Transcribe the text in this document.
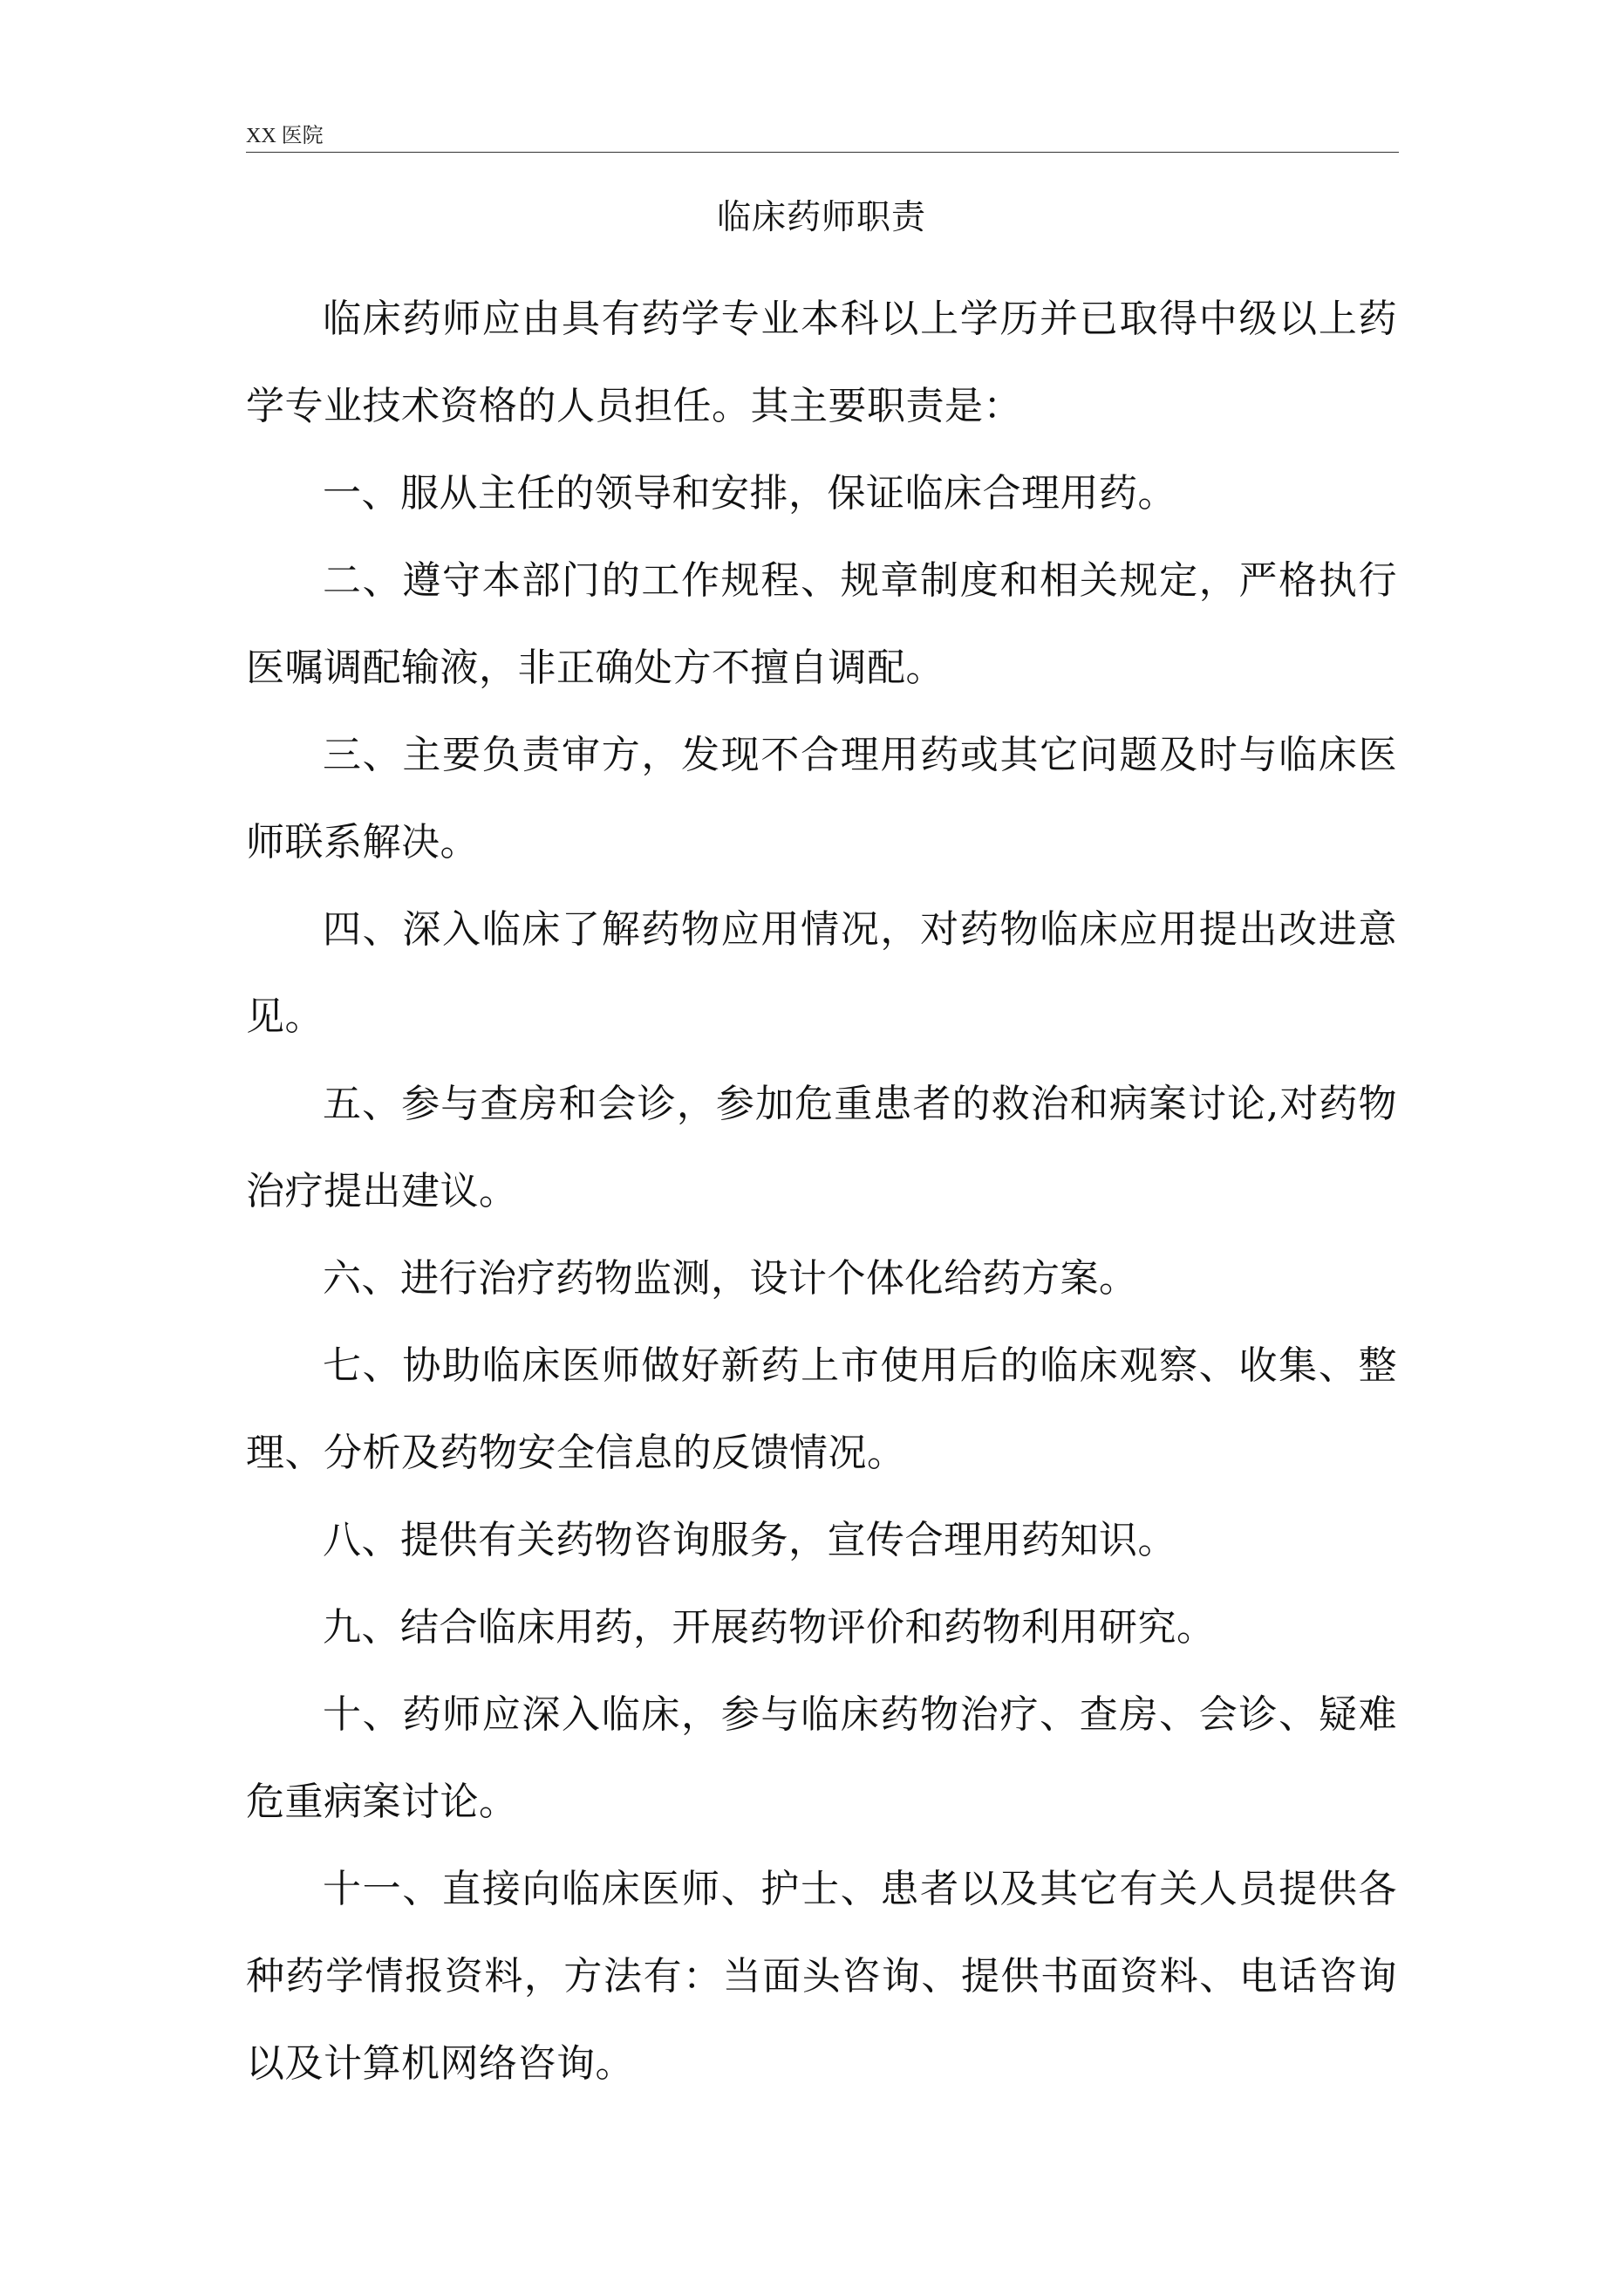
XX 医院
临床药师职责

临床药师应由具有药学专业本科以上学历并已取得中级以上药学专业技术资格的人员担任。其主要职责是：

一、服从主任的领导和安排，保证临床合理用药。

二、遵守本部门的工作规程、规章制度和相关规定，严格执行医嘱调配输液，非正确处方不擅自调配。

三、主要负责审方，发现不合理用药或其它问题及时与临床医师联系解决。

四、深入临床了解药物应用情况，对药物临床应用提出改进意见。

五、参与查房和会诊，参加危重患者的救治和病案讨论,对药物治疗提出建议。

六、进行治疗药物监测，设计个体化给药方案。

七、协助临床医师做好新药上市使用后的临床观察、收集、整理、分析及药物安全信息的反馈情况。

八、提供有关药物咨询服务，宣传合理用药知识。

九、结合临床用药，开展药物评价和药物利用研究。

十、药师应深入临床，参与临床药物治疗、查房、会诊、疑难危重病案讨论。

十一、直接向临床医师、护士、患者以及其它有关人员提供各种药学情报资料，方法有：当面头咨询、提供书面资料、电话咨询以及计算机网络咨询。
